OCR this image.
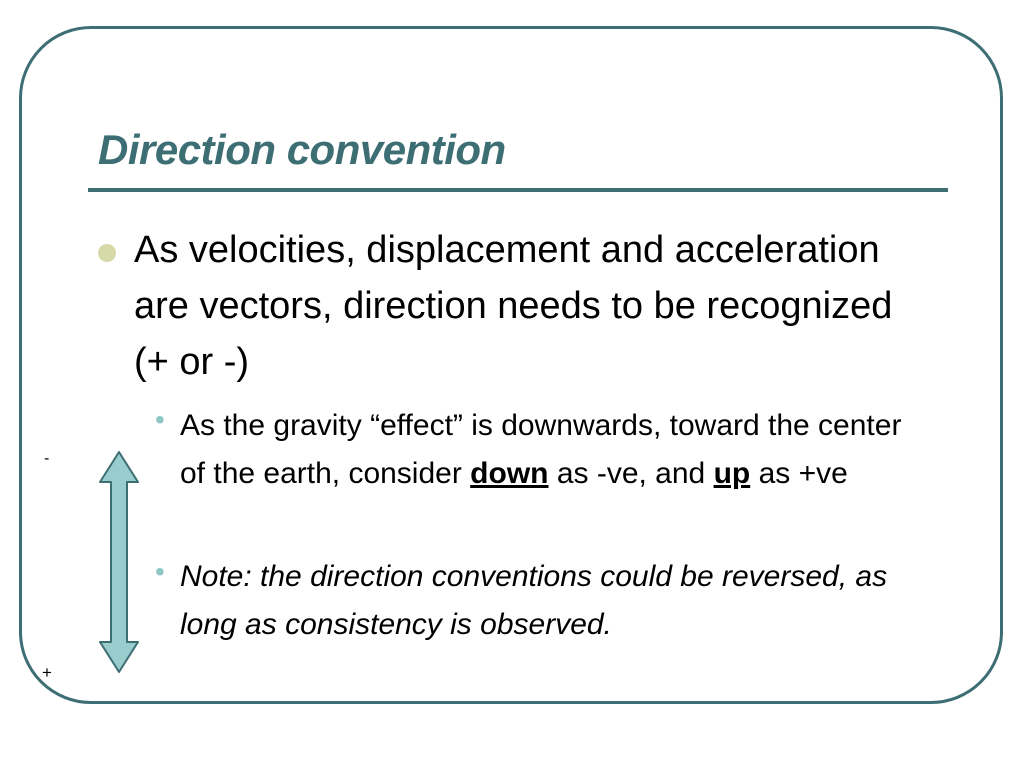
Direction convention

As velocities, displacement and acceleration are vectors, direction needs to be recognized (+ or -)

• As the gravity “effect” is downwards, toward the center of the earth, consider down as -ve, and up as +ve

• Note: the direction conventions could be reversed, as long as consistency is observed.

-
+
